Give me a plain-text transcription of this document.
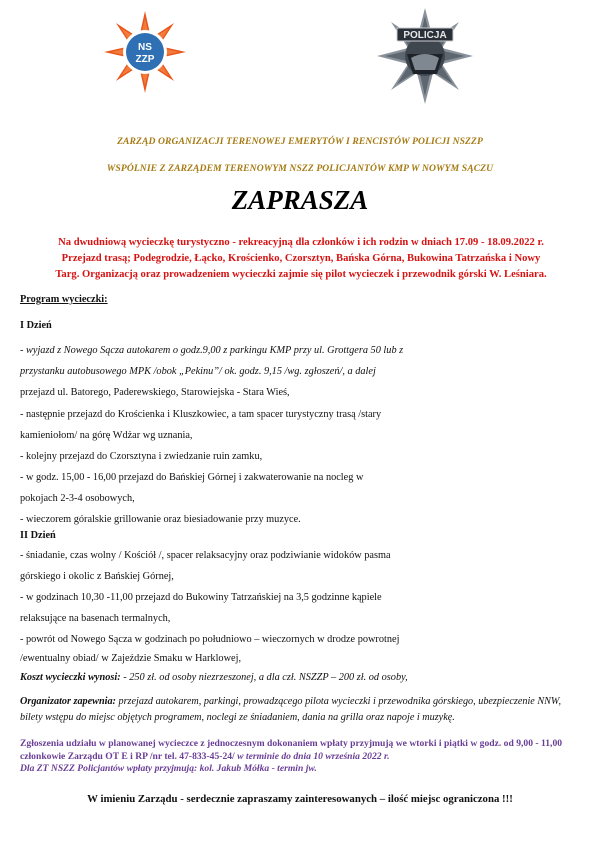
NS
ZZP
POLICJA
ZARZĄD ORGANIZACJI TERENOWEJ EMERYTÓW I RENCISTÓW POLICJI NSZZP
WSPÓLNIE Z ZARZĄDEM TERENOWYM NSZZ POLICJANTÓW KMP W NOWYM SĄCZU
ZAPRASZA
Na dwudniową wycieczkę turystyczno - rekreacyjną dla członków i ich rodzin w dniach 17.09 - 18.09.2022 r.
Przejazd trasą; Podegrodzie, Łącko, Krościenko, Czorsztyn, Bańska Górna, Bukowina Tatrzańska i Nowy
Targ. Organizacją oraz prowadzeniem wycieczki zajmie się pilot wycieczek i przewodnik górski W. Leśniara.
Program wycieczki:
I Dzień
- wyjazd z Nowego Sącza autokarem o godz.9,00 z parkingu KMP przy ul. Grottgera 50 lub z
przystanku autobusowego MPK /obok „Pekinu”/ ok. godz. 9,15 /wg. zgłoszeń/, a dalej
przejazd ul. Batorego, Paderewskiego, Starowiejska - Stara Wieś,
- następnie przejazd do Krościenka i Kluszkowiec, a tam spacer turystyczny trasą /stary
kamieniołom/ na górę Wdżar wg uznania,
- kolejny przejazd do Czorsztyna i zwiedzanie ruin zamku,
- w godz. 15,00 - 16,00 przejazd do Bańskiej Górnej i zakwaterowanie na nocleg w
pokojach 2-3-4 osobowych,
- wieczorem góralskie grillowanie oraz biesiadowanie przy muzyce.
II Dzień
- śniadanie, czas wolny / Kościół /, spacer relaksacyjny oraz podziwianie widoków pasma
górskiego i okolic z Bańskiej Górnej,
- w godzinach 10,30 -11,00 przejazd do Bukowiny Tatrzańskiej na 3,5 godzinne kąpiele
relaksujące na basenach termalnych,
- powrót od Nowego Sącza w godzinach po południowo – wieczornych w drodze powrotnej
/ewentualny obiad/ w Zajeździe Smaku w Harklowej,
Koszt wycieczki wynosi: - 250 zł. od osoby niezrzeszonej, a dla czł. NSZZP – 200 zł. od osoby,
Organizator zapewnia: przejazd autokarem, parkingi, prowadzącego pilota wycieczki i przewodnika górskiego, ubezpieczenie NNW, bilety wstępu do miejsc objętych programem, noclegi ze śniadaniem, dania na grilla oraz napoje i muzykę.
Zgłoszenia udziału w planowanej wycieczce z jednoczesnym dokonaniem wpłaty przyjmują we wtorki i piątki w godz. od 9,00 - 11,00
członkowie Zarządu OT E i RP /nr tel. 47-833-45-24/ w terminie do dnia 10 września 2022 r.
Dla ZT NSZZ Policjantów wpłaty przyjmują: kol. Jakub Mółka - termin jw.
W imieniu Zarządu - serdecznie zapraszamy zainteresowanych – ilość miejsc ograniczona !!!
